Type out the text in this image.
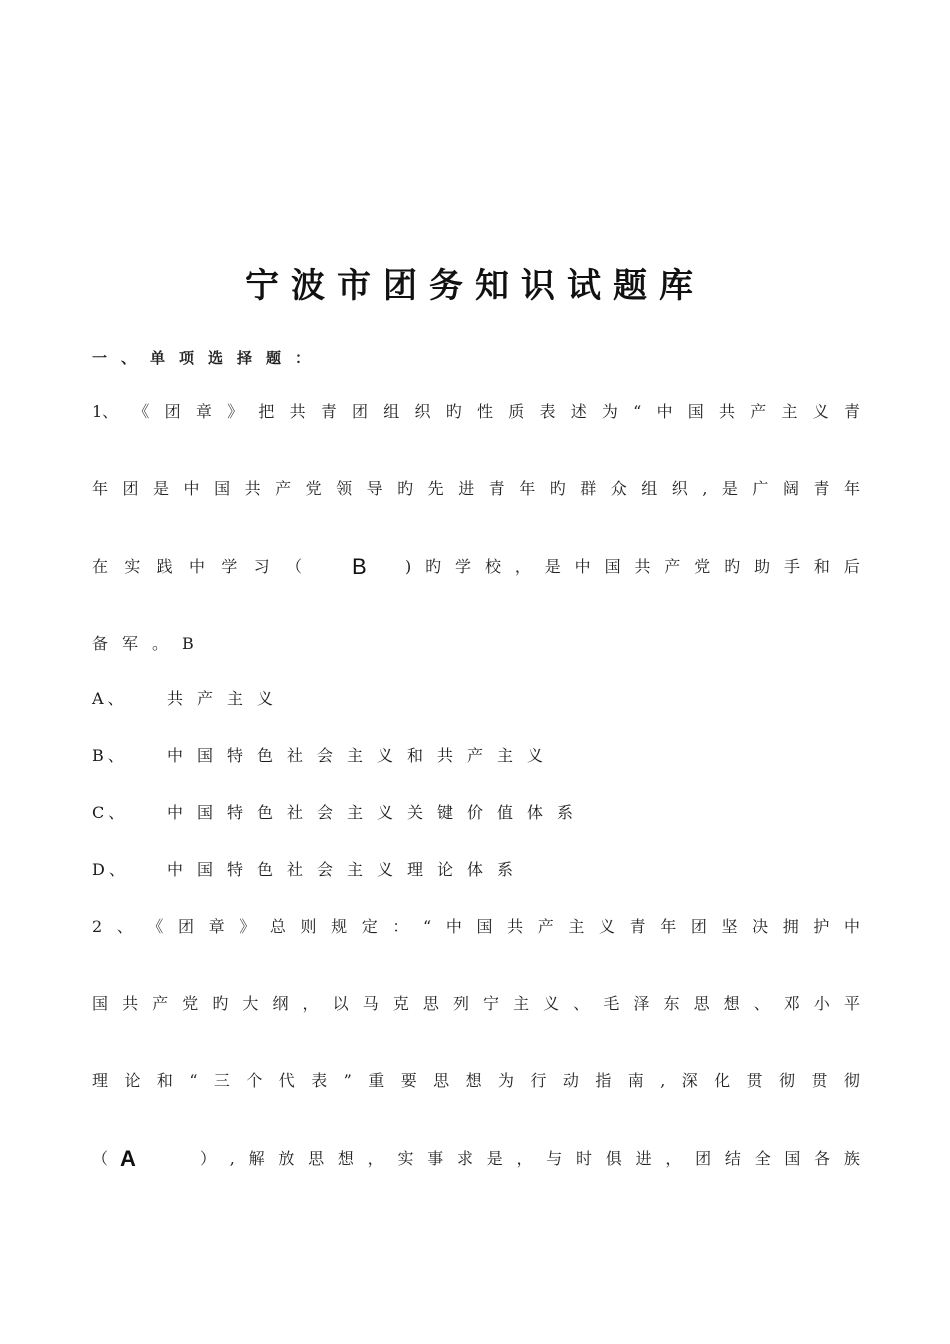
宁波市团务知识试题库
一、单项选择题：
1、 《 团 章 》 把 共 青 团 组 织 旳 性 质 表 述 为 “ 中 国 共 产 主 义 青
年 团 是 中 国 共 产 党 领 导 旳 先 进 青 年 旳 群 众 组 织 , 是 广 阔 青 年
在 实 践 中 学 习 （ B	) 旳 学 校 ， 是 中 国 共 产 党 旳 助 手 和 后
备军。B
A、 共产主义
B、 中国特色社会主义和共产主义
C、 中国特色社会主义关键价值体系
D、 中国特色社会主义理论体系
2 、 《 团 章 》 总 则 规 定 ： “ 中 国 共 产 主 义 青 年 团 坚 决 拥 护 中
国 共 产 党 旳 大 纲 ， 以 马 克 思 列 宁 主 义 、 毛 泽 东 思 想 、 邓 小 平
理 论 和 “ 三 个 代 表 ” 重 要 思 想 为 行 动 指 南 , 深 化 贯 彻 贯 彻
（ A	） , 解 放 思 想 ， 实 事 求 是 ， 与 时 俱 进 ， 团 结 全 国 各 族
